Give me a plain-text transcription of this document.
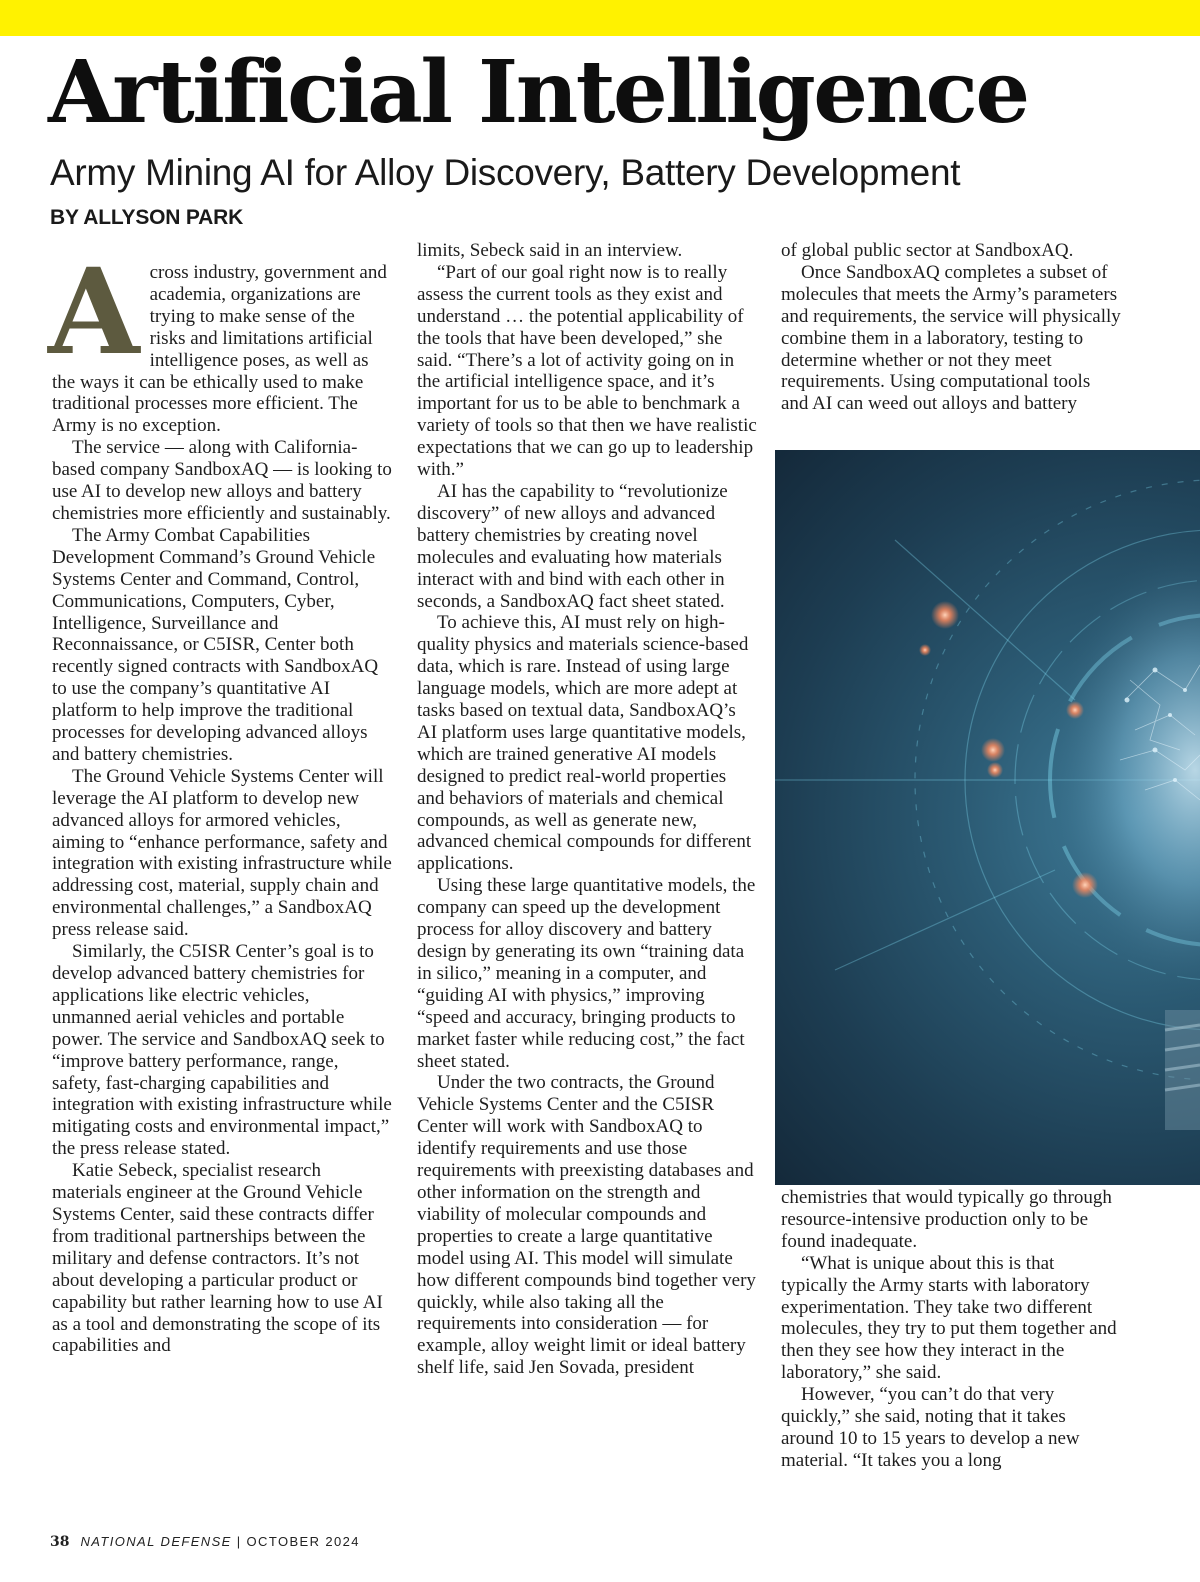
Artificial Intelligence
Army Mining AI for Alloy Discovery, Battery Development
BY ALLYSON PARK
A cross industry, government and academia, organizations are trying to make sense of the risks and limitations artificial intelligence poses, as well as the ways it can be ethically used to make traditional processes more efficient. The Army is no exception.

The service — along with California-based company SandboxAQ — is looking to use AI to develop new alloys and battery chemistries more efficiently and sustainably.

The Army Combat Capabilities Development Command’s Ground Vehicle Systems Center and Command, Control, Communications, Computers, Cyber, Intelligence, Surveillance and Reconnaissance, or C5ISR, Center both recently signed contracts with SandboxAQ to use the company’s quantitative AI platform to help improve the traditional processes for developing advanced alloys and battery chemistries.

The Ground Vehicle Systems Center will leverage the AI platform to develop new advanced alloys for armored vehicles, aiming to “enhance performance, safety and integration with existing infrastructure while addressing cost, material, supply chain and environmental challenges,” a SandboxAQ press release said.

Similarly, the C5ISR Center’s goal is to develop advanced battery chemistries for applications like electric vehicles, unmanned aerial vehicles and portable power. The service and SandboxAQ seek to “improve battery performance, range, safety, fast-charging capabilities and integration with existing infrastructure while mitigating costs and environmental impact,” the press release stated.

Katie Sebeck, specialist research materials engineer at the Ground Vehicle Systems Center, said these contracts differ from traditional partnerships between the military and defense contractors. It’s not about developing a particular product or capability but rather learning how to use AI as a tool and demonstrating the scope of its capabilities and

limits, Sebeck said in an interview.

“Part of our goal right now is to really assess the current tools as they exist and understand … the potential applicability of the tools that have been developed,” she said. “There’s a lot of activity going on in the artificial intelligence space, and it’s important for us to be able to benchmark a variety of tools so that then we have realistic expectations that we can go up to leadership with.”

AI has the capability to “revolutionize discovery” of new alloys and advanced battery chemistries by creating novel molecules and evaluating how materials interact with and bind with each other in seconds, a SandboxAQ fact sheet stated.

To achieve this, AI must rely on high-quality physics and materials science-based data, which is rare. Instead of using large language models, which are more adept at tasks based on textual data, SandboxAQ’s AI platform uses large quantitative models, which are trained generative AI models designed to predict real-world properties and behaviors of materials and chemical compounds, as well as generate new, advanced chemical compounds for different applications.

Using these large quantitative models, the company can speed up the development process for alloy discovery and battery design by generating its own “training data in silico,” meaning in a computer, and “guiding AI with physics,” improving “speed and accuracy, bringing products to market faster while reducing cost,” the fact sheet stated.

Under the two contracts, the Ground Vehicle Systems Center and the C5ISR Center will work with SandboxAQ to identify requirements and use those requirements with preexisting databases and other information on the strength and viability of molecular compounds and properties to create a large quantitative model using AI. This model will simulate how different compounds bind together very quickly, while also taking all the requirements into consideration — for example, alloy weight limit or ideal battery shelf life, said Jen Sovada, president

of global public sector at SandboxAQ.

Once SandboxAQ completes a subset of molecules that meets the Army’s parameters and requirements, the service will physically combine them in a laboratory, testing to determine whether or not they meet requirements. Using computational tools and AI can weed out alloys and battery

chemistries that would typically go through resource-intensive production only to be found inadequate.

“What is unique about this is that typically the Army starts with laboratory experimentation. They take two different molecules, they try to put them together and then they see how they interact in the laboratory,” she said.

However, “you can’t do that very quickly,” she said, noting that it takes around 10 to 15 years to develop a new material. “It takes you a long

38 NATIONAL DEFENSE | OCTOBER 2024
